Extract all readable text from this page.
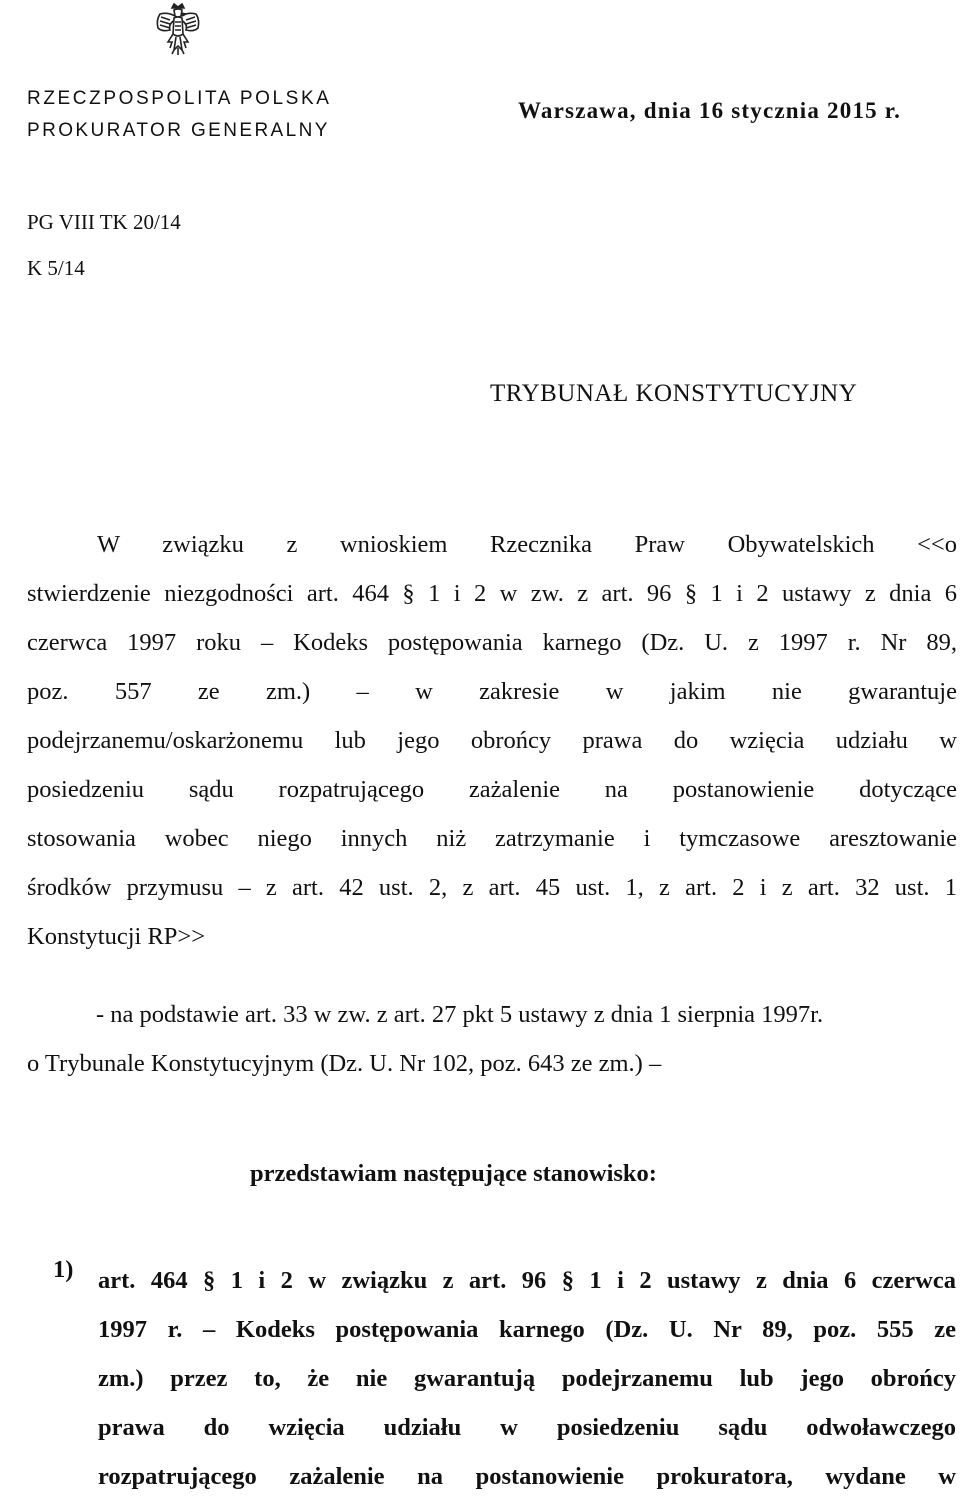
RZECZPOSPOLITA POLSKA
PROKURATOR GENERALNY
Warszawa, dnia 16 stycznia 2015 r.
PG VIII TK 20/14
K 5/14
TRYBUNAŁ KONSTYTUCYJNY
W związku z wnioskiem Rzecznika Praw Obywatelskich <<o
stwierdzenie niezgodności art. 464 § 1 i 2 w zw. z art. 96 § 1 i 2 ustawy z dnia 6
czerwca 1997 roku – Kodeks postępowania karnego (Dz. U. z 1997 r. Nr 89,
poz. 557 ze zm.) – w zakresie w jakim nie gwarantuje
podejrzanemu/oskarżonemu lub jego obrońcy prawa do wzięcia udziału w
posiedzeniu sądu rozpatrującego zażalenie na postanowienie dotyczące
stosowania wobec niego innych niż zatrzymanie i tymczasowe aresztowanie
środków przymusu – z art. 42 ust. 2, z art. 45 ust. 1, z art. 2 i z art. 32 ust. 1
Konstytucji RP>>
- na podstawie art. 33 w zw. z art. 27 pkt 5 ustawy z dnia 1 sierpnia 1997r.
o Trybunale Konstytucyjnym (Dz. U. Nr 102, poz. 643 ze zm.) –
przedstawiam następujące stanowisko:
1) art. 464 § 1 i 2 w związku z art. 96 § 1 i 2 ustawy z dnia 6 czerwca
1997 r. – Kodeks postępowania karnego (Dz. U. Nr 89, poz. 555 ze
zm.) przez to, że nie gwarantują podejrzanemu lub jego obrońcy
prawa do wzięcia udziału w posiedzeniu sądu odwoławczego
rozpatrującego zażalenie na postanowienie prokuratora, wydane w
